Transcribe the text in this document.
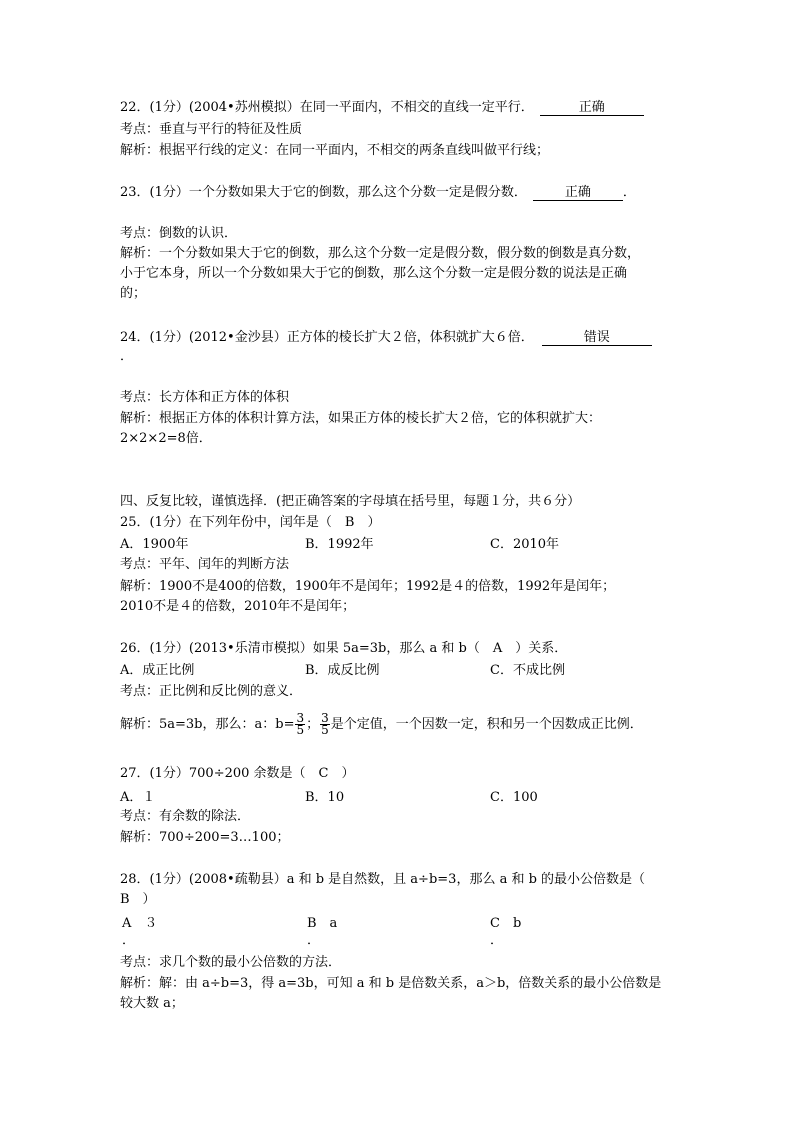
22．(1分）(2004•苏州模拟）在同一平面内，不相交的直线一定平行．	正确
考点：垂直与平行的特征及性质
解析：根据平行线的定义：在同一平面内，不相交的两条直线叫做平行线；
23．(1分）一个分数如果大于它的倒数，那么这个分数一定是假分数．	正确 ．
考点：倒数的认识．
解析：一个分数如果大于它的倒数，那么这个分数一定是假分数，假分数的倒数是真分数，
小于它本身，所以一个分数如果大于它的倒数，那么这个分数一定是假分数的说法是正确
的；
24．(1分）(2012•金沙县）正方体的棱长扩大２倍，体积就扩大６倍．	错误
．
考点：长方体和正方体的体积
解析：根据正方体的体积计算方法，如果正方体的棱长扩大２倍，它的体积就扩大：
2×2×2=8倍．
四、反复比较，谨慎选择．(把正确答案的字母填在括号里，每题１分，共６分）
25．(1分）在下列年份中，闰年是（　B　）
A．1900年	B．1992年	C．2010年
考点：平年、闰年的判断方法
解析：1900不是400的倍数，1900年不是闰年；1992是４的倍数，1992年是闰年；
2010不是４的倍数，2010年不是闰年；
26．(1分）(2013•乐清市模拟）如果 5a=3b，那么 a 和 b（　A　）关系．
A．成正比例	B．成反比例	C．不成比例
考点：正比例和反比例的意义．
解析：5a=3b，那么：a：$b= \frac{3}{5}$ ； $\frac{3}{5}$ 是个定值，一个因数一定，积和另一个因数成正比例．
27．(1分）700÷200 余数是（　C　）
A．１	B．10	C．100
考点：有余数的除法．
解析：700÷200=3…100；
28．(1分）(2008•疏勒县）a 和 b 是自然数，且 a÷b=3，那么 a 和 b 的最小公倍数是（
B　）
A　３	B　a	C　b
．	．	．
考点：求几个数的最小公倍数的方法．
解析：解：由 a÷b=3，得 a=3b，可知 a 和 b 是倍数关系，a＞b，倍数关系的最小公倍数是
较大数 a；
